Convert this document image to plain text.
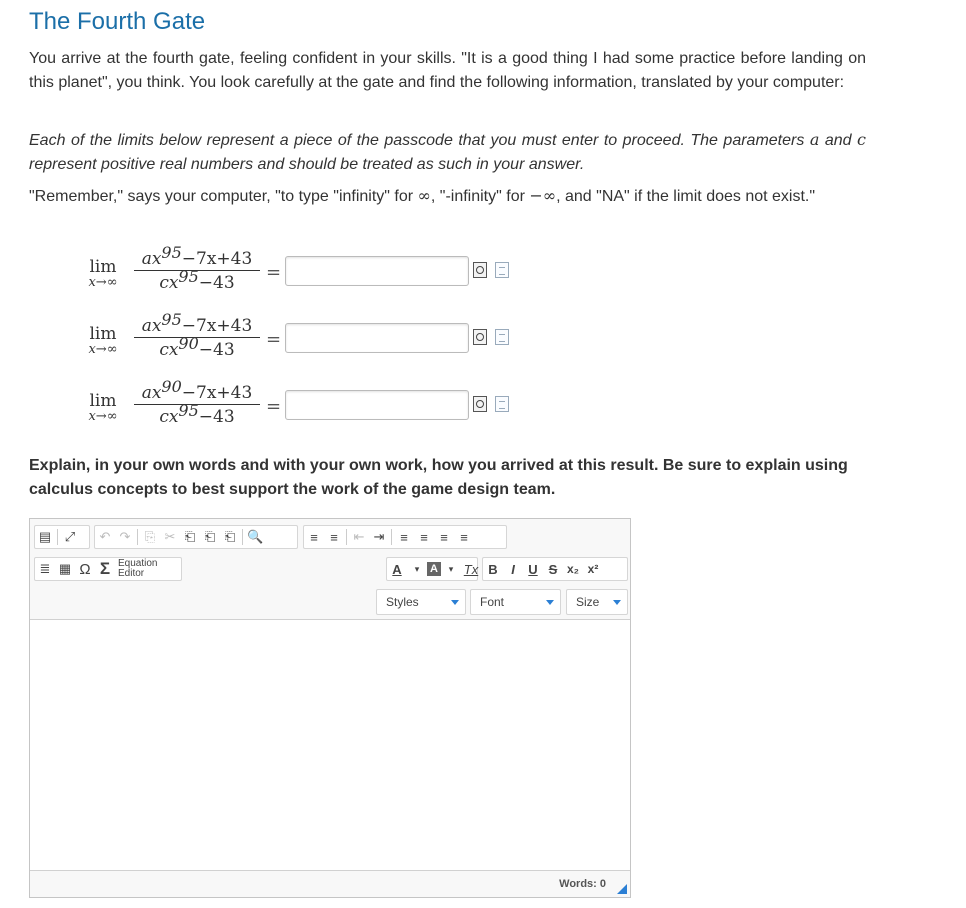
The Fourth Gate

You arrive at the fourth gate, feeling confident in your skills. "It is a good thing I had some practice before landing on this planet", you think. You look carefully at the gate and find the following information, translated by your computer:

Each of the limits below represent a piece of the passcode that you must enter to proceed. The parameters a and c represent positive real numbers and should be treated as such in your answer.

"Remember," says your computer, "to type "infinity" for ∞, "-infinity" for −∞, and "NA" if the limit does not exist."

lim
$x\to\infty \frac{ax^{95}-7x+43}{cx^{95}-43}$ =
lim
$x\to\infty \frac{ax^{95}-7x+43}{cx^{90}-43}$ =
lim
$x\to\infty \frac{ax^{90}-7x+43}{cx^{95}-43}$ =

Explain, in your own words and with your own work, how you arrived at this result. Be sure to explain using calculus concepts to best support the work of the game design team.

▤	⤢	↶ ↷	⎘ ✂ ⎗ ⎗ ⎗ 🔍	≡ ≡	⇤ ⇥	≡ ≡ ≡ ≡
≣ ▦ Ω Σ Equation
Editor	A	▾ A	▾ Tx B	I	U S x₂ x²
Styles	Font	Size
Words: 0
